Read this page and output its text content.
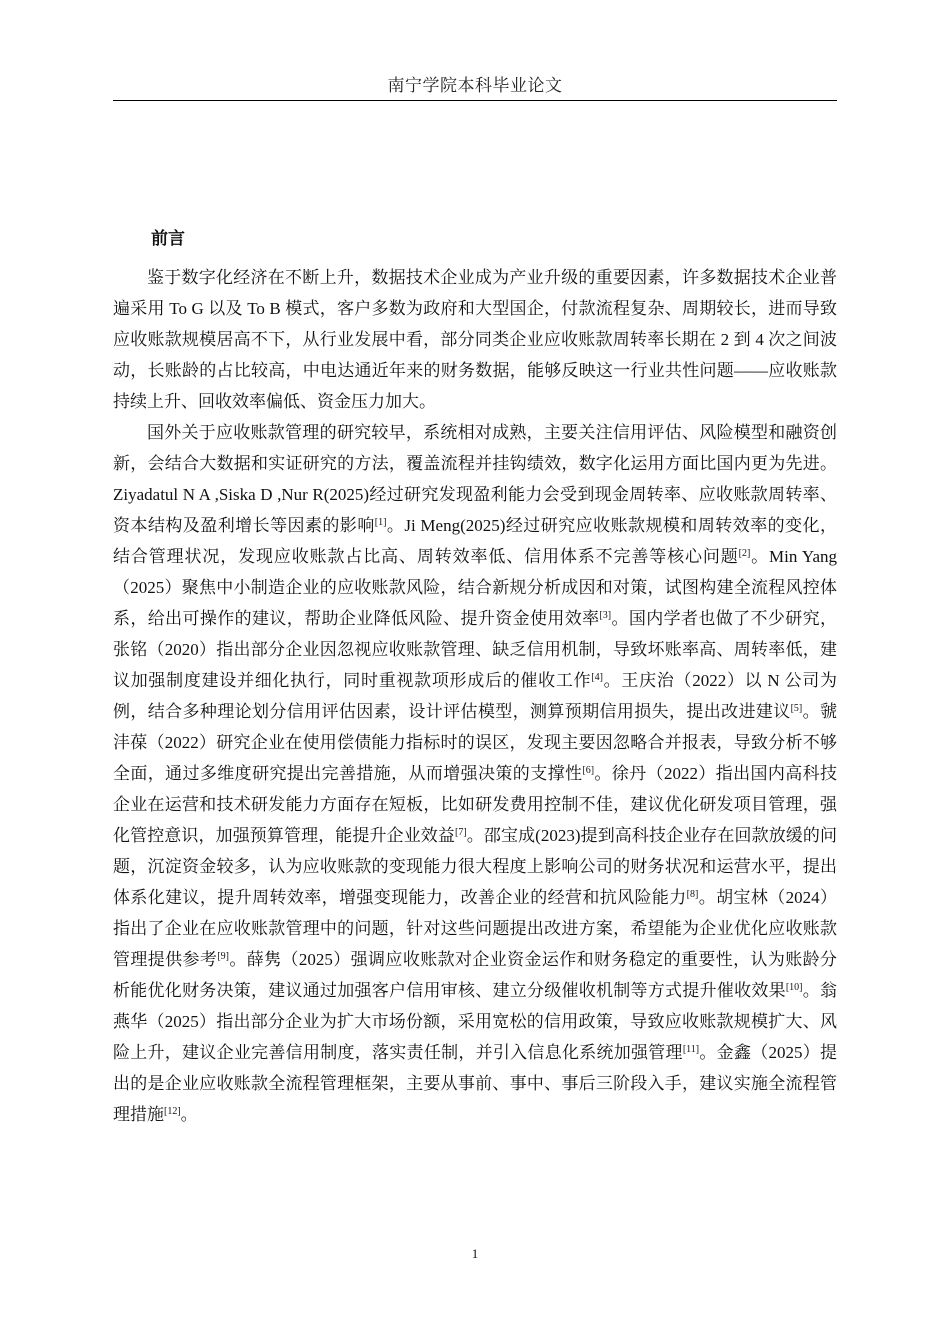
南宁学院本科毕业论文
前言

鉴于数字化经济在不断上升，数据技术企业成为产业升级的重要因素，许多数据技术企业普遍采用 To G 以及 To B 模式，客户多数为政府和大型国企，付款流程复杂、周期较长，进而导致应收账款规模居高不下，从行业发展中看，部分同类企业应收账款周转率长期在 2 到 4 次之间波动，长账龄的占比较高，中电达通近年来的财务数据，能够反映这一行业共性问题——应收账款持续上升、回收效率偏低、资金压力加大。

国外关于应收账款管理的研究较早，系统相对成熟，主要关注信用评估、风险模型和融资创新，会结合大数据和实证研究的方法，覆盖流程并挂钩绩效，数字化运用方面比国内更为先进。Ziyadatul N A ,Siska D ,Nur R(2025)经过研究发现盈利能力会受到现金周转率、应收账款周转率、资本结构及盈利增长等因素的影响[1]。Ji Meng(2025)经过研究应收账款规模和周转效率的变化，结合管理状况，发现应收账款占比高、周转效率低、信用体系不完善等核心问题[2]。Min Yang（2025）聚焦中小制造企业的应收账款风险，结合新规分析成因和对策，试图构建全流程风控体系，给出可操作的建议，帮助企业降低风险、提升资金使用效率[3]。国内学者也做了不少研究，张铭（2020）指出部分企业因忽视应收账款管理、缺乏信用机制，导致坏账率高、周转率低，建议加强制度建设并细化执行，同时重视款项形成后的催收工作[4]。王庆治（2022）以 N 公司为例，结合多种理论划分信用评估因素，设计评估模型，测算预期信用损失，提出改进建议[5]。虢沣葆（2022）研究企业在使用偿债能力指标时的误区，发现主要因忽略合并报表，导致分析不够全面，通过多维度研究提出完善措施，从而增强决策的支撑性[6]。徐丹（2022）指出国内高科技企业在运营和技术研发能力方面存在短板，比如研发费用控制不佳，建议优化研发项目管理，强化管控意识，加强预算管理，能提升企业效益[7]。邵宝成(2023)提到高科技企业存在回款放缓的问题，沉淀资金较多，认为应收账款的变现能力很大程度上影响公司的财务状况和运营水平，提出体系化建议，提升周转效率，增强变现能力，改善企业的经营和抗风险能力[8]。胡宝林（2024）指出了企业在应收账款管理中的问题，针对这些问题提出改进方案，希望能为企业优化应收账款管理提供参考[9]。薛隽（2025）强调应收账款对企业资金运作和财务稳定的重要性，认为账龄分析能优化财务决策，建议通过加强客户信用审核、建立分级催收机制等方式提升催收效果[10]。翁燕华（2025）指出部分企业为扩大市场份额，采用宽松的信用政策，导致应收账款规模扩大、风险上升，建议企业完善信用制度，落实责任制，并引入信息化系统加强管理[11]。金鑫（2025）提出的是企业应收账款全流程管理框架，主要从事前、事中、事后三阶段入手，建议实施全流程管理措施[12]。

1
